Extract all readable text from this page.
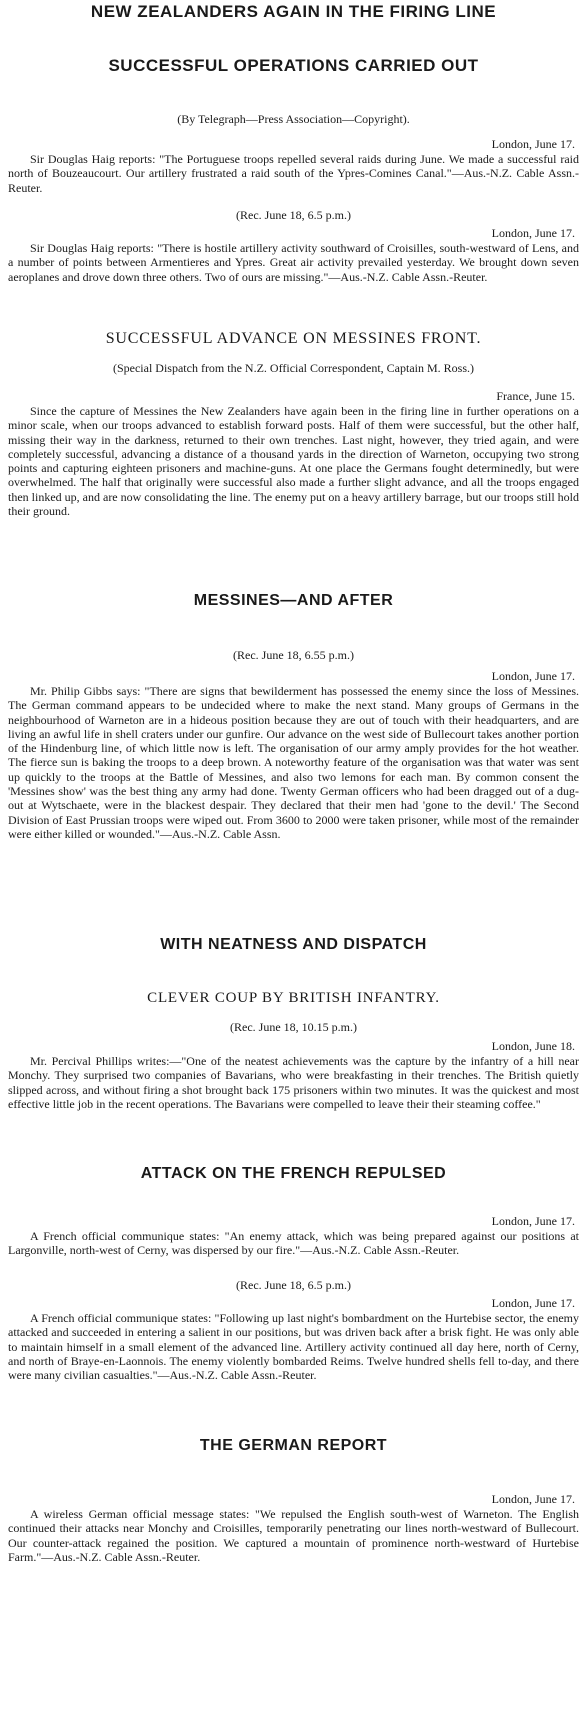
NEW ZEALANDERS AGAIN IN THE FIRING LINE
SUCCESSFUL OPERATIONS CARRIED OUT
(By Telegraph—Press Association—Copyright).
London, June 17.
Sir Douglas Haig reports: "The Portuguese troops repelled several raids during June. We made a successful raid north of Bouzeaucourt. Our artillery frustrated a raid south of the Ypres-Comines Canal."—Aus.-N.Z. Cable Assn.-Reuter.
(Rec. June 18, 6.5 p.m.)
London, June 17.
Sir Douglas Haig reports: "There is hostile artillery activity southward of Croisilles, south-westward of Lens, and a number of points between Armentieres and Ypres. Great air activity prevailed yesterday. We brought down seven aeroplanes and drove down three others. Two of ours are missing."—Aus.-N.Z. Cable Assn.-Reuter.
SUCCESSFUL ADVANCE ON MESSINES FRONT.
(Special Dispatch from the N.Z. Official Correspondent, Captain M. Ross.)
France, June 15.
Since the capture of Messines the New Zealanders have again been in the firing line in further operations on a minor scale, when our troops advanced to establish forward posts. Half of them were successful, but the other half, missing their way in the darkness, returned to their own trenches. Last night, however, they tried again, and were completely successful, advancing a distance of a thousand yards in the direction of Warneton, occupying two strong points and capturing eighteen prisoners and machine-guns. At one place the Germans fought determinedly, but were overwhelmed. The half that originally were successful also made a further slight advance, and all the troops engaged then linked up, and are now consolidating the line. The enemy put on a heavy artillery barrage, but our troops still hold their ground.
MESSINES—AND AFTER
(Rec. June 18, 6.55 p.m.)
London, June 17.
Mr. Philip Gibbs says: "There are signs that bewilderment has possessed the enemy since the loss of Messines. The German command appears to be undecided where to make the next stand. Many groups of Germans in the neighbourhood of Warneton are in a hideous position because they are out of touch with their headquarters, and are living an awful life in shell craters under our gunfire. Our advance on the west side of Bullecourt takes another portion of the Hindenburg line, of which little now is left. The organisation of our army amply provides for the hot weather. The fierce sun is baking the troops to a deep brown. A noteworthy feature of the organisation was that water was sent up quickly to the troops at the Battle of Messines, and also two lemons for each man. By common consent the 'Messines show' was the best thing any army had done. Twenty German officers who had been dragged out of a dug-out at Wytschaete, were in the blackest despair. They declared that their men had 'gone to the devil.' The Second Division of East Prussian troops were wiped out. From 3600 to 2000 were taken prisoner, while most of the remainder were either killed or wounded."—Aus.-N.Z. Cable Assn.
WITH NEATNESS AND DISPATCH
CLEVER COUP BY BRITISH INFANTRY.
(Rec. June 18, 10.15 p.m.)
London, June 18.
Mr. Percival Phillips writes:—"One of the neatest achievements was the capture by the infantry of a hill near Monchy. They surprised two companies of Bavarians, who were breakfasting in their trenches. The British quietly slipped across, and without firing a shot brought back 175 prisoners within two minutes. It was the quickest and most effective little job in the recent operations. The Bavarians were compelled to leave their their steaming coffee."
ATTACK ON THE FRENCH REPULSED
London, June 17.
A French official communique states: "An enemy attack, which was being prepared against our positions at Largonville, north-west of Cerny, was dispersed by our fire."—Aus.-N.Z. Cable Assn.-Reuter.
(Rec. June 18, 6.5 p.m.)
London, June 17.
A French official communique states: "Following up last night's bombardment on the Hurtebise sector, the enemy attacked and succeeded in entering a salient in our positions, but was driven back after a brisk fight. He was only able to maintain himself in a small element of the advanced line. Artillery activity continued all day here, north of Cerny, and north of Braye-en-Laonnois. The enemy violently bombarded Reims. Twelve hundred shells fell to-day, and there were many civilian casualties."—Aus.-N.Z. Cable Assn.-Reuter.
THE GERMAN REPORT
London, June 17.
A wireless German official message states: "We repulsed the English south-west of Warneton. The English continued their attacks near Monchy and Croisilles, temporarily penetrating our lines north-westward of Bullecourt. Our counter-attack regained the position. We captured a mountain of prominence north-westward of Hurtebise Farm."—Aus.-N.Z. Cable Assn.-Reuter.
